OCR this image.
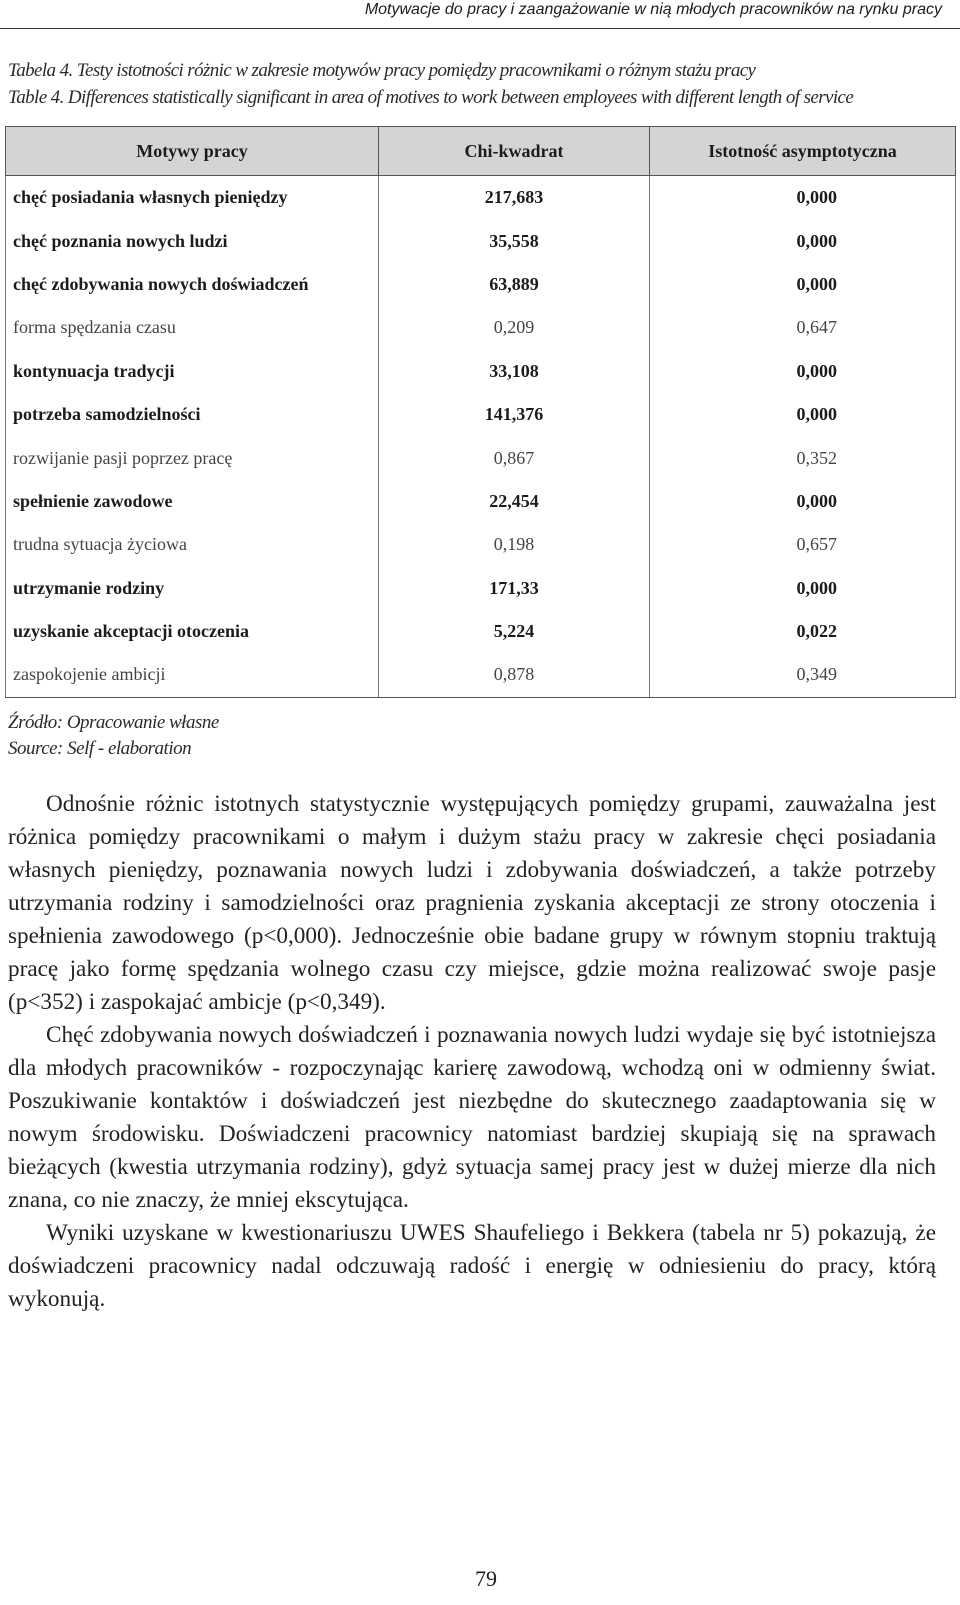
Motywacje do pracy i zaangażowanie w nią młodych pracowników na rynku pracy
Tabela 4. Testy istotności różnic w zakresie motywów pracy pomiędzy pracownikami o różnym stażu pracy
Table 4. Differences statistically significant in area of motives to work between employees with different length of service
Motywy pracy	Chi-kwadrat	Istotność asymptotyczna
chęć posiadania własnych pieniędzy	217,683	0,000
chęć poznania nowych ludzi	35,558	0,000
chęć zdobywania nowych doświadczeń	63,889	0,000
forma spędzania czasu	0,209	0,647
kontynuacja tradycji	33,108	0,000
potrzeba samodzielności	141,376	0,000
rozwijanie pasji poprzez pracę	0,867	0,352
spełnienie zawodowe	22,454	0,000
trudna sytuacja życiowa	0,198	0,657
utrzymanie rodziny	171,33	0,000
uzyskanie akceptacji otoczenia	5,224	0,022
zaspokojenie ambicji	0,878	0,349
Źródło: Opracowanie własne
Source: Self - elaboration

Odnośnie różnic istotnych statystycznie występujących pomiędzy grupami, zauważalna jest różnica pomiędzy pracownikami o małym i dużym stażu pracy w zakresie chęci posiadania własnych pieniędzy, poznawania nowych ludzi i zdobywania doświadczeń, a także potrzeby utrzymania rodziny i samodzielności oraz pragnienia zyskania akceptacji ze strony otoczenia i spełnienia zawodowego (p<0,000). Jednocześnie obie badane grupy w równym stopniu traktują pracę jako formę spędzania wolnego czasu czy miejsce, gdzie można realizować swoje pasje (p<352) i zaspokajać ambicje (p<0,349).

Chęć zdobywania nowych doświadczeń i poznawania nowych ludzi wydaje się być istotniejsza dla młodych pracowników - rozpoczynając karierę zawodową, wchodzą oni w odmienny świat. Poszukiwanie kontaktów i doświadczeń jest niezbędne do skutecznego zaadaptowania się w nowym środowisku. Doświadczeni pracownicy natomiast bardziej skupiają się na sprawach bieżących (kwestia utrzymania rodziny), gdyż sytuacja samej pracy jest w dużej mierze dla nich znana, co nie znaczy, że mniej ekscytująca.

Wyniki uzyskane w kwestionariuszu UWES Shaufeliego i Bekkera (tabela nr 5) pokazują, że doświadczeni pracownicy nadal odczuwają radość i energię w odniesieniu do pracy, którą wykonują.

79
